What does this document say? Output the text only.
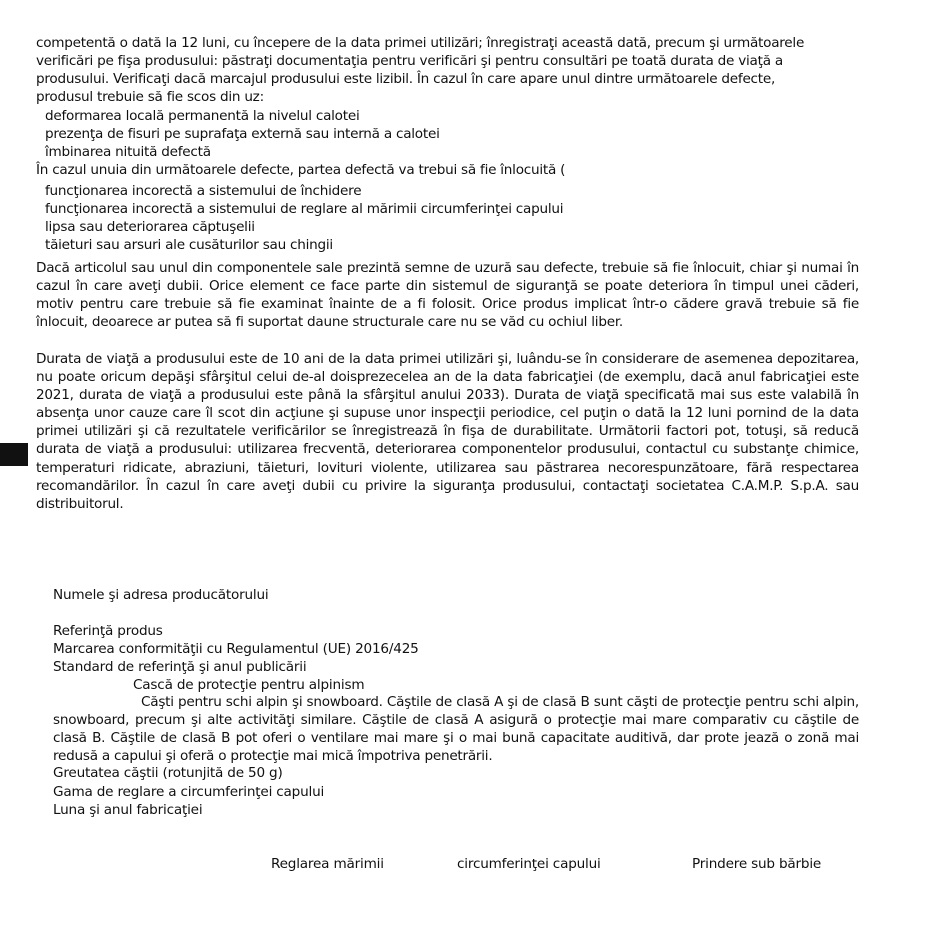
competentă o dată la 12 luni, cu începere de la data primei utilizări; înregistraţi această dată, precum şi următoarele verificări pe fişa produsului: păstraţi documentaţia pentru verificări şi pentru consultări pe toată durata de viaţă a produsului. Verificaţi dacă marcajul produsului este lizibil. În cazul în care apare unul dintre următoarele defecte, produsul trebuie să fie scos din uz:

deformarea locală permanentă la nivelul calotei
prezenţa de fisuri pe suprafaţa externă sau internă a calotei
îmbinarea nituită defectă
În cazul unuia din următoarele defecte, partea defectă va trebui să fie înlocuită (
funcţionarea incorectă a sistemului de închidere
funcţionarea incorectă a sistemului de reglare al mărimii circumferinţei capului
lipsa sau deteriorarea căptuşelii
tăieturi sau arsuri ale cusăturilor sau chingii

Dacă articolul sau unul din componentele sale prezintă semne de uzură sau defecte, trebuie să fie înlocuit, chiar şi numai în cazul în care aveţi dubii. Orice element ce face parte din sistemul de siguranţă se poate deteriora în timpul unei căderi, motiv pentru care trebuie să fie examinat înainte de a fi folosit. Orice produs implicat într-o cădere gravă trebuie să fie înlocuit, deoarece ar putea să fi suportat daune structurale care nu se văd cu ochiul liber.

Durata de viaţă a produsului este de 10 ani de la data primei utilizări şi, luându-se în considerare de asemenea depozitarea, nu poate oricum depăşi sfârşitul celui de-al doisprezecelea an de la data fabricaţiei (de exemplu, dacă anul fabricaţiei este 2021, durata de viaţă a produsului este până la sfârşitul anului 2033). Durata de viaţă specificată mai sus este valabilă în absenţa unor cauze care îl scot din acţiune şi supuse unor inspecţii periodice, cel puţin o dată la 12 luni pornind de la data primei utilizări şi că rezultatele verificărilor se înregistrează în fişa de durabilitate. Următorii factori pot, totuşi, să reducă durata de viaţă a produsului: utilizarea frecventă, deteriorarea componentelor produsului, contactul cu substanţe chimice, temperaturi ridicate, abraziuni, tăieturi, lovituri violente, utilizarea sau păstrarea necorespunzătoare, fără respectarea recomandărilor. În cazul în care aveţi dubii cu privire la siguranţa produsului, contactaţi societatea C.A.M.P. S.p.A. sau distribuitorul.

Numele şi adresa producătorului
Referinţă produs
Marcarea conformităţii cu Regulamentul (UE) 2016/425
Standard de referinţă şi anul publicării
Cască de protecţie pentru alpinism

Căşti pentru schi alpin şi snowboard. Căştile de clasă A şi de clasă B sunt căşti de protecţie pentru schi alpin, snowboard, precum şi alte activităţi similare. Căştile de clasă A asigură o protecţie mai mare comparativ cu căştile de clasă B. Căştile de clasă B pot oferi o ventilare mai mare şi o mai bună capacitate auditivă, dar prote jează o zonă mai redusă a capului şi oferă o protecţie mai mică împotriva penetrării.

Greutatea căştii (rotunjită de 50 g)
Gama de reglare a circumferinţei capului
Luna şi anul fabricaţiei
Reglarea mărimii	circumferinţei capului	Prindere sub bărbie
